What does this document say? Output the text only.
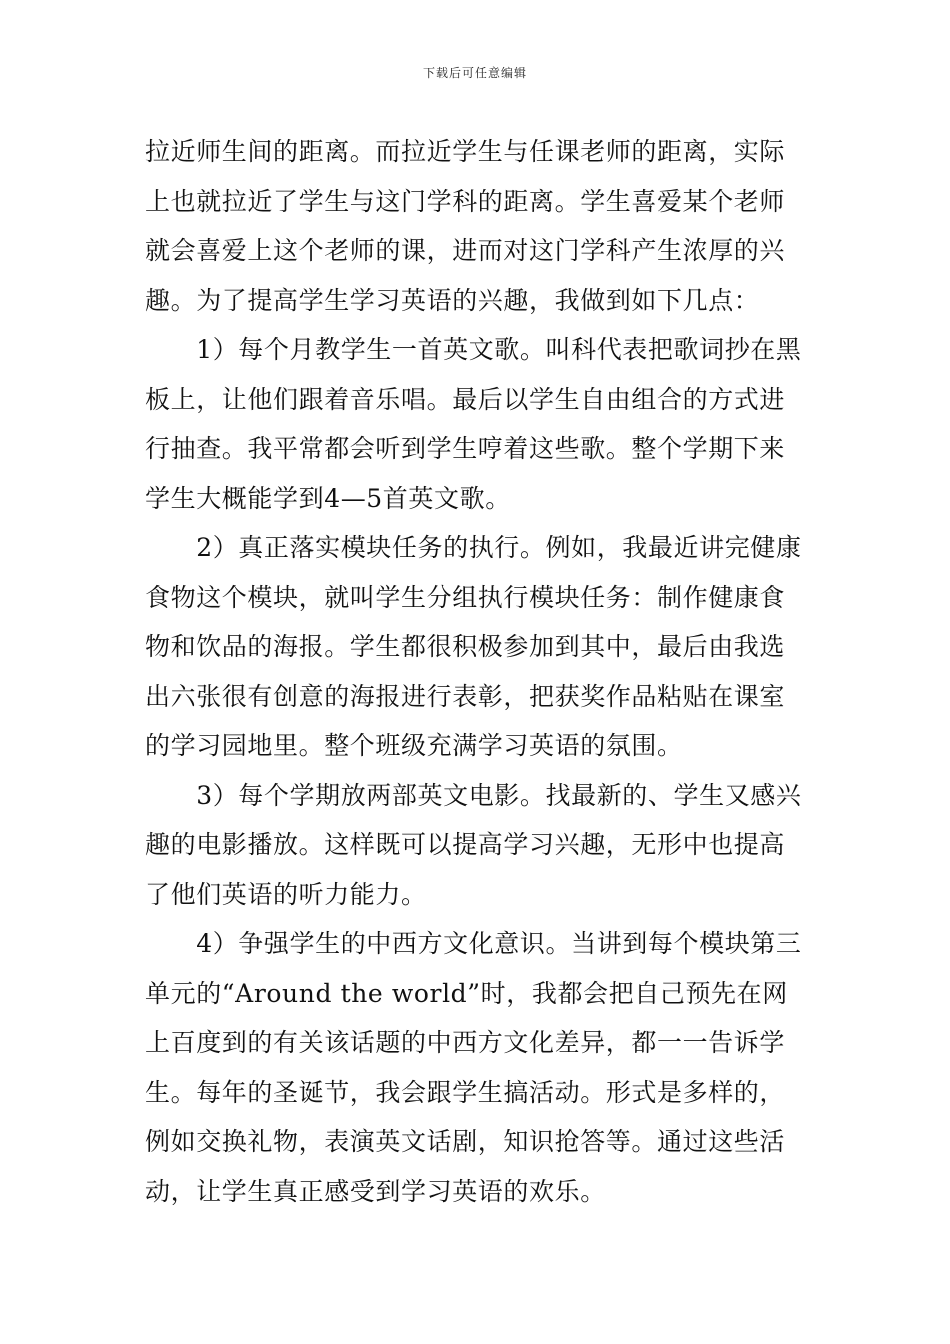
下载后可任意编辑
拉近师生间的距离。而拉近学生与任课老师的距离，实际
上也就拉近了学生与这门学科的距离。学生喜爱某个老师
就会喜爱上这个老师的课，进而对这门学科产生浓厚的兴
趣。为了提高学生学习英语的兴趣，我做到如下几点：
　　1）每个月教学生一首英文歌。叫科代表把歌词抄在黑
板上，让他们跟着音乐唱。最后以学生自由组合的方式进
行抽查。我平常都会听到学生哼着这些歌。整个学期下来
学生大概能学到4—5首英文歌。
　　2）真正落实模块任务的执行。例如，我最近讲完健康
食物这个模块，就叫学生分组执行模块任务：制作健康食
物和饮品的海报。学生都很积极参加到其中，最后由我选
出六张很有创意的海报进行表彰，把获奖作品粘贴在课室
的学习园地里。整个班级充满学习英语的氛围。
　　3）每个学期放两部英文电影。找最新的、学生又感兴
趣的电影播放。这样既可以提高学习兴趣，无形中也提高
了他们英语的听力能力。
　　4）争强学生的中西方文化意识。当讲到每个模块第三
单元的“Around the world”时，我都会把自己预先在网
上百度到的有关该话题的中西方文化差异，都一一告诉学
生。每年的圣诞节，我会跟学生搞活动。形式是多样的，
例如交换礼物，表演英文话剧，知识抢答等。通过这些活
动，让学生真正感受到学习英语的欢乐。
